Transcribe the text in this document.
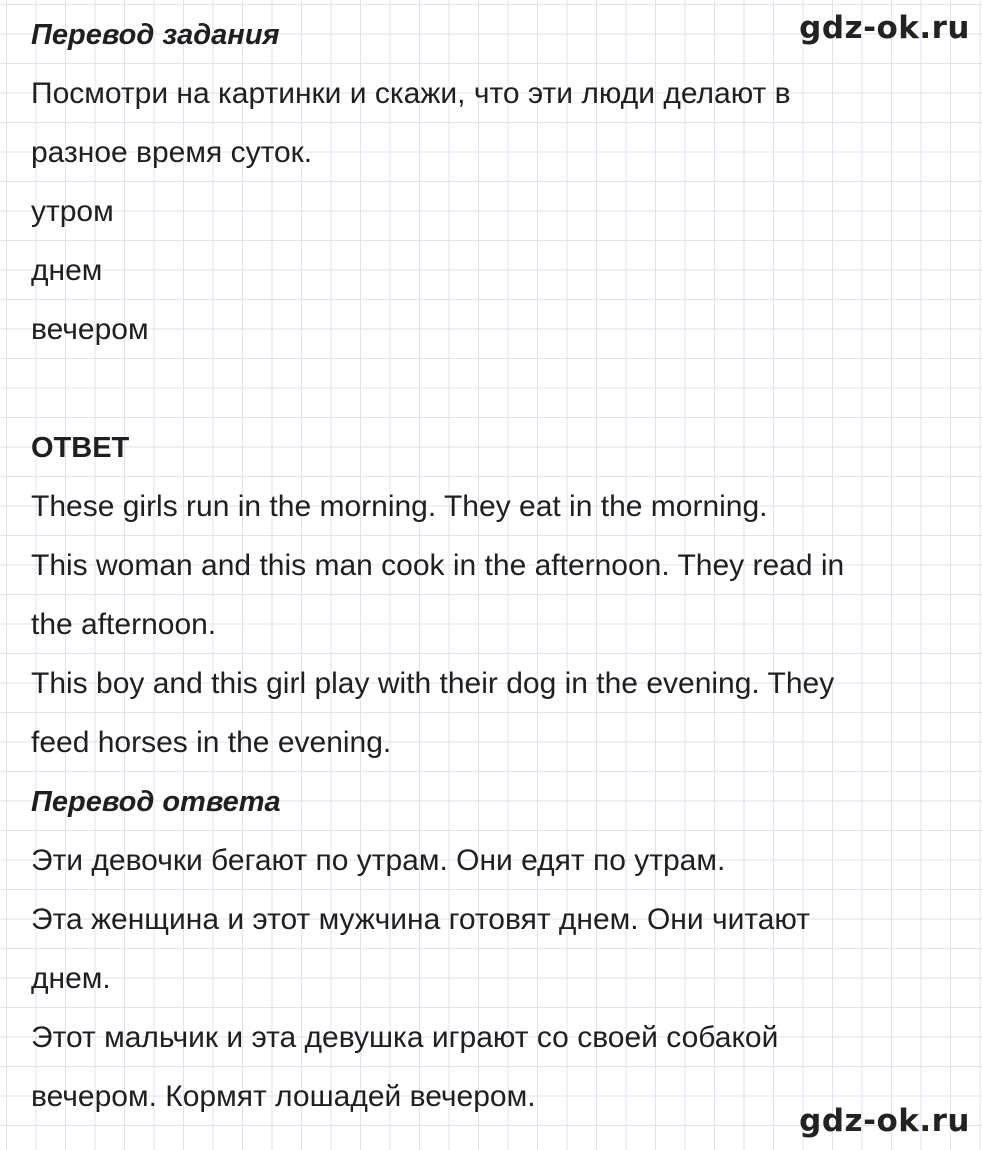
gdz-ok.ru
Перевод задания
Посмотри на картинки и скажи, что эти люди делают в
разное время суток.
утром
днем
вечером
ОТВЕТ
These girls run in the morning. They eat in the morning.
This woman and this man cook in the afternoon. They read in
the afternoon.
This boy and this girl play with their dog in the evening. They
feed horses in the evening.
Перевод ответа
Эти девочки бегают по утрам. Они едят по утрам.
Эта женщина и этот мужчина готовят днем. Они читают
днем.
Этот мальчик и эта девушка играют со своей собакой
вечером. Кормят лошадей вечером.
gdz-ok.ru
